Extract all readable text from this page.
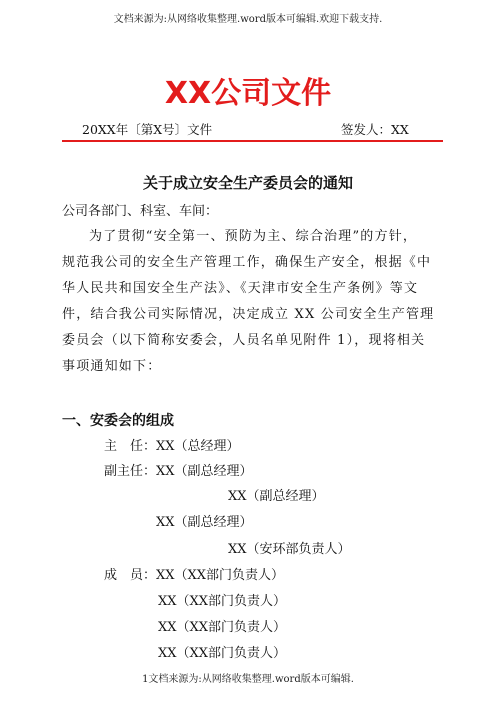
文档来源为:从网络收集整理.word版本可编辑.欢迎下载支持.
XX公司文件
20XX年〔第X号〕文件	签发人：XX
关于成立安全生产委员会的通知
公司各部门、科室、车间：
为了贯彻“安全第一、预防为主、综合治理”的方针，
规范我公司的安全生产管理工作，确保生产安全，根据《中
华人民共和国安全生产法》、《天津市安全生产条例》等文
件，结合我公司实际情况，决定成立 XX 公司安全生产管理
委员会（以下简称安委会，人员名单见附件 1），现将相关
事项通知如下：
一、安委会的组成
主　任：XX（总经理）
副主任：XX（副总经理）
XX（副总经理）
XX（副总经理）
XX（安环部负责人）
成　员：XX（XX部门负责人）
XX（XX部门负责人）
XX（XX部门负责人）
XX（XX部门负责人）
1文档来源为:从网络收集整理.word版本可编辑.
